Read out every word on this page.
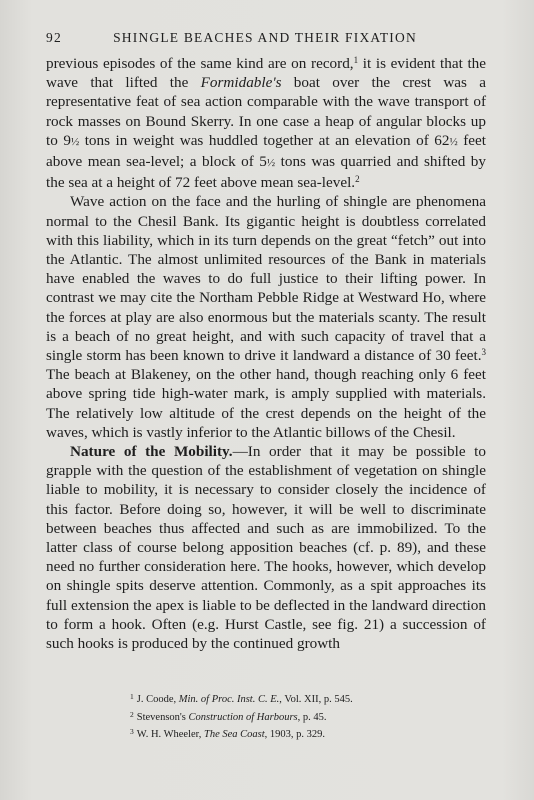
92	SHINGLE BEACHES AND THEIR FIXATION

previous episodes of the same kind are on record,$^1$ it is evident that the wave that lifted the Formidable's boat over the crest was a representative feat of sea action comparable with the wave transport of rock masses on Bound Skerry. In one case a heap of angular blocks up to 9½ tons in weight was huddled together at an elevation of 62½ feet above mean sea-level; a block of 5½ tons was quarried and shifted by the sea at a height of 72 feet above mean sea-level.$^2$

Wave action on the face and the hurling of shingle are phenomena normal to the Chesil Bank. Its gigantic height is doubtless correlated with this liability, which in its turn depends on the great “fetch” out into the Atlantic. The almost unlimited resources of the Bank in materials have enabled the waves to do full justice to their lifting power. In contrast we may cite the Northam Pebble Ridge at Westward Ho, where the forces at play are also enormous but the materials scanty. The result is a beach of no great height, and with such capacity of travel that a single storm has been known to drive it landward a distance of 30 feet.$^3$ The beach at Blakeney, on the other hand, though reaching only 6 feet above spring tide high-water mark, is amply supplied with materials. The relatively low altitude of the crest depends on the height of the waves, which is vastly inferior to the Atlantic billows of the Chesil.

Nature of the Mobility.—In order that it may be possible to grapple with the question of the establishment of vegetation on shingle liable to mobility, it is necessary to consider closely the incidence of this factor. Before doing so, however, it will be well to discriminate between beaches thus affected and such as are immobilized. To the latter class of course belong apposition beaches (cf. p. 89), and these need no further consideration here. The hooks, however, which develop on shingle spits deserve attention. Commonly, as a spit approaches its full extension the apex is liable to be deflected in the landward direction to form a hook. Often (e.g. Hurst Castle, see fig. 21) a succession of such hooks is produced by the continued growth

$^1$ J. Coode, Min. of Proc. Inst. C. E., Vol. XII, p. 545.

$^2$ Stevenson's Construction of Harbours, p. 45.

$^3$ W. H. Wheeler, The Sea Coast, 1903, p. 329.
